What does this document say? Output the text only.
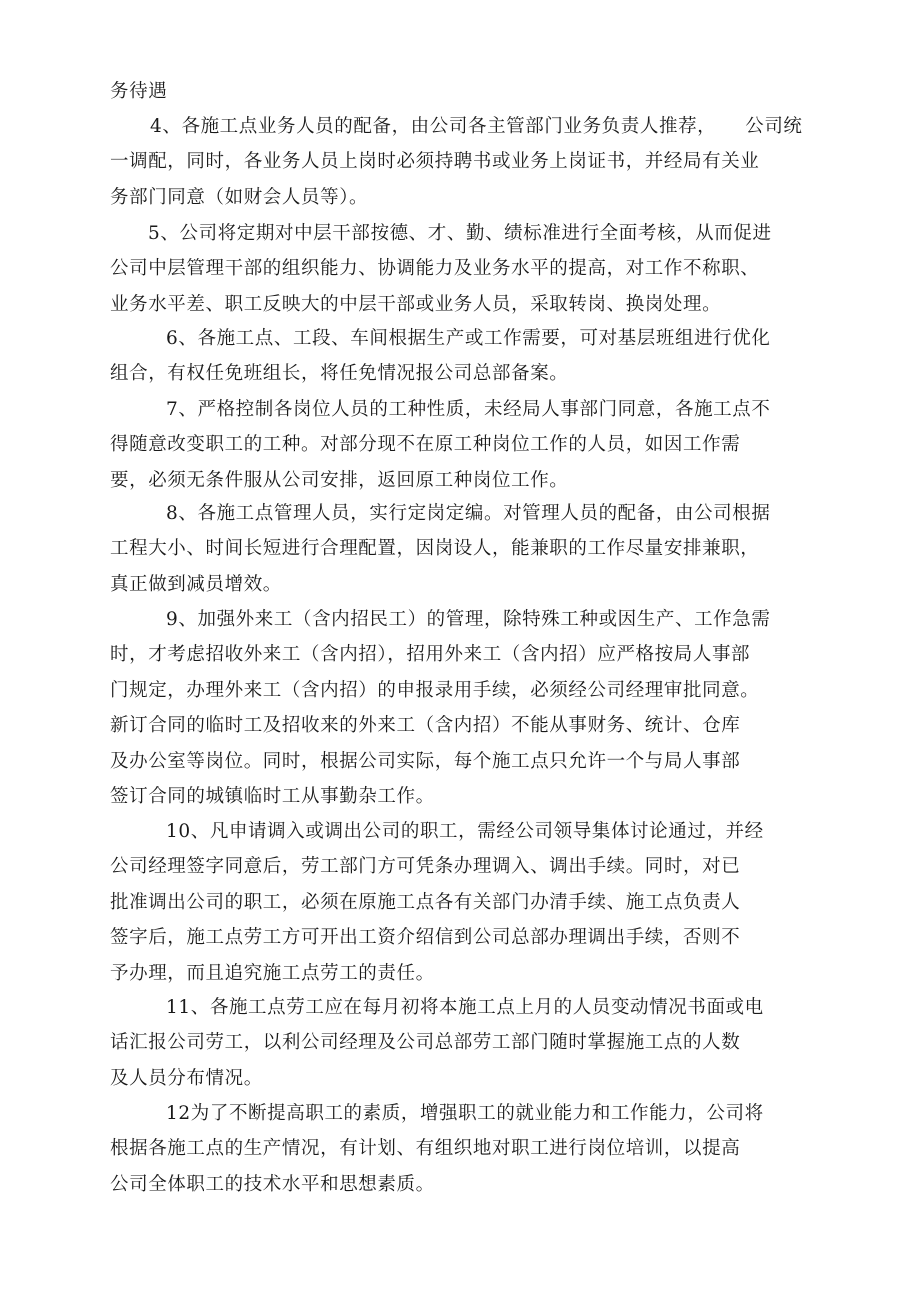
务待遇
4、各施工点业务人员的配备，由公司各主管部门业务负责人推荐，　　公司统
一调配，同时，各业务人员上岗时必须持聘书或业务上岗证书，并经局有关业
务部门同意（如财会人员等）。
5、公司将定期对中层干部按德、才、勤、绩标准进行全面考核，从而促进
公司中层管理干部的组织能力、协调能力及业务水平的提高，对工作不称职、
业务水平差、职工反映大的中层干部或业务人员，采取转岗、换岗处理。
6、各施工点、工段、车间根据生产或工作需要，可对基层班组进行优化
组合，有权任免班组长，将任免情况报公司总部备案。
7、严格控制各岗位人员的工种性质，未经局人事部门同意，各施工点不
得随意改变职工的工种。对部分现不在原工种岗位工作的人员，如因工作需
要，必须无条件服从公司安排，返回原工种岗位工作。
8、各施工点管理人员，实行定岗定编。对管理人员的配备，由公司根据
工程大小、时间长短进行合理配置，因岗设人，能兼职的工作尽量安排兼职，
真正做到减员增效。
9、加强外来工（含内招民工）的管理，除特殊工种或因生产、工作急需
时，才考虑招收外来工（含内招），招用外来工（含内招）应严格按局人事部
门规定，办理外来工（含内招）的申报录用手续，必须经公司经理审批同意。
新订合同的临时工及招收来的外来工（含内招）不能从事财务、统计、仓库
及办公室等岗位。同时，根据公司实际，每个施工点只允许一个与局人事部
签订合同的城镇临时工从事勤杂工作。
10、凡申请调入或调出公司的职工，需经公司领导集体讨论通过，并经
公司经理签字同意后，劳工部门方可凭条办理调入、调出手续。同时，对已
批准调出公司的职工，必须在原施工点各有关部门办清手续、施工点负责人
签字后，施工点劳工方可开出工资介绍信到公司总部办理调出手续，否则不
予办理，而且追究施工点劳工的责任。
11、各施工点劳工应在每月初将本施工点上月的人员变动情况书面或电
话汇报公司劳工，以利公司经理及公司总部劳工部门随时掌握施工点的人数
及人员分布情况。
12为了不断提高职工的素质，增强职工的就业能力和工作能力，公司将
根据各施工点的生产情况，有计划、有组织地对职工进行岗位培训，以提高
公司全体职工的技术水平和思想素质。
